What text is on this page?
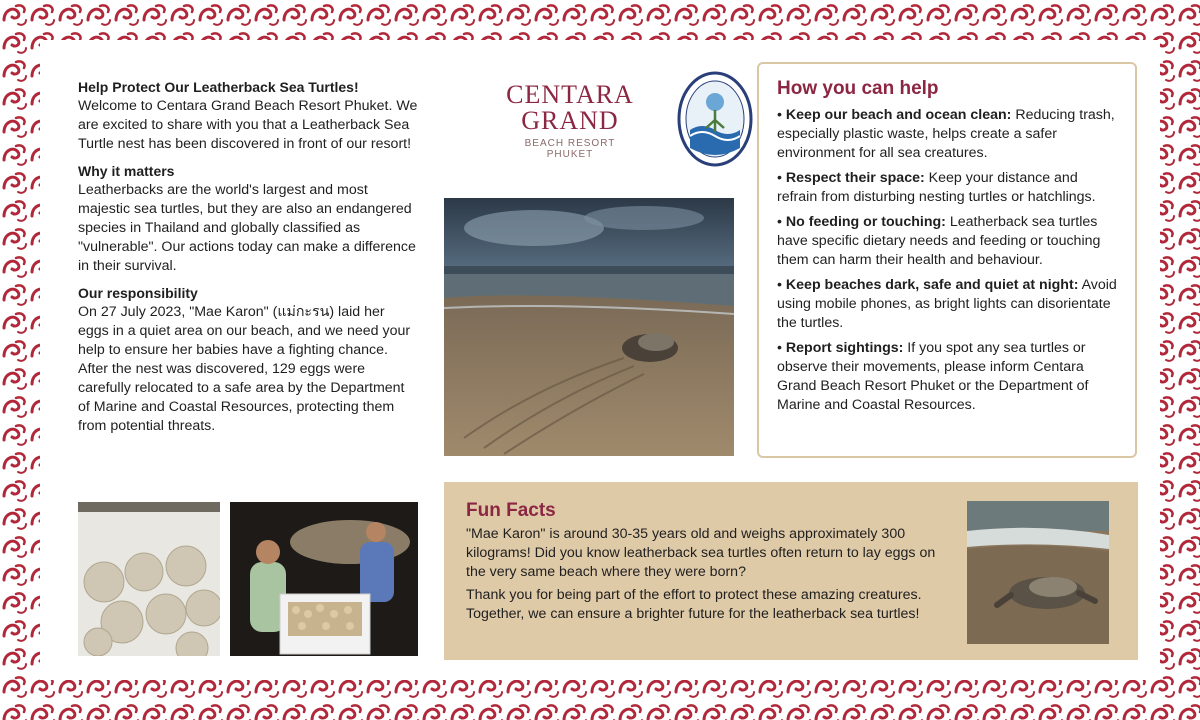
Help Protect Our Leatherback Sea Turtles!

Welcome to Centara Grand Beach Resort Phuket. We are excited to share with you that a Leatherback Sea Turtle nest has been discovered in front of our resort!

Why it matters

Leatherbacks are the world's largest and most majestic sea turtles, but they are also an endangered species in Thailand and globally classified as "vulnerable". Our actions today can make a difference in their survival.

Our responsibility

On 27 July 2023, "Mae Karon" (แม่กะรน) laid her eggs in a quiet area on our beach, and we need your help to ensure her babies have a fighting chance. After the nest was discovered, 129 eggs were carefully relocated to a safe area by the Department of Marine and Coastal Resources, protecting them from potential threats.

CENTARA
GRAND
BEACH RESORT
PHUKET
How you can help
• Keep our beach and ocean clean: Reducing trash, especially plastic waste, helps create a safer environment for all sea creatures.
• Respect their space: Keep your distance and refrain from disturbing nesting turtles or hatchlings.
• No feeding or touching: Leatherback sea turtles have specific dietary needs and feeding or touching them can harm their health and behaviour.
• Keep beaches dark, safe and quiet at night: Avoid using mobile phones, as bright lights can disorientate the turtles.
• Report sightings: If you spot any sea turtles or observe their movements, please inform Centara Grand Beach Resort Phuket or the Department of Marine and Coastal Resources.
Fun Facts

"Mae Karon" is around 30-35 years old and weighs approximately 300 kilograms! Did you know leatherback sea turtles often return to lay eggs on the very same beach where they were born?

Thank you for being part of the effort to protect these amazing creatures. Together, we can ensure a brighter future for the leatherback sea turtles!
